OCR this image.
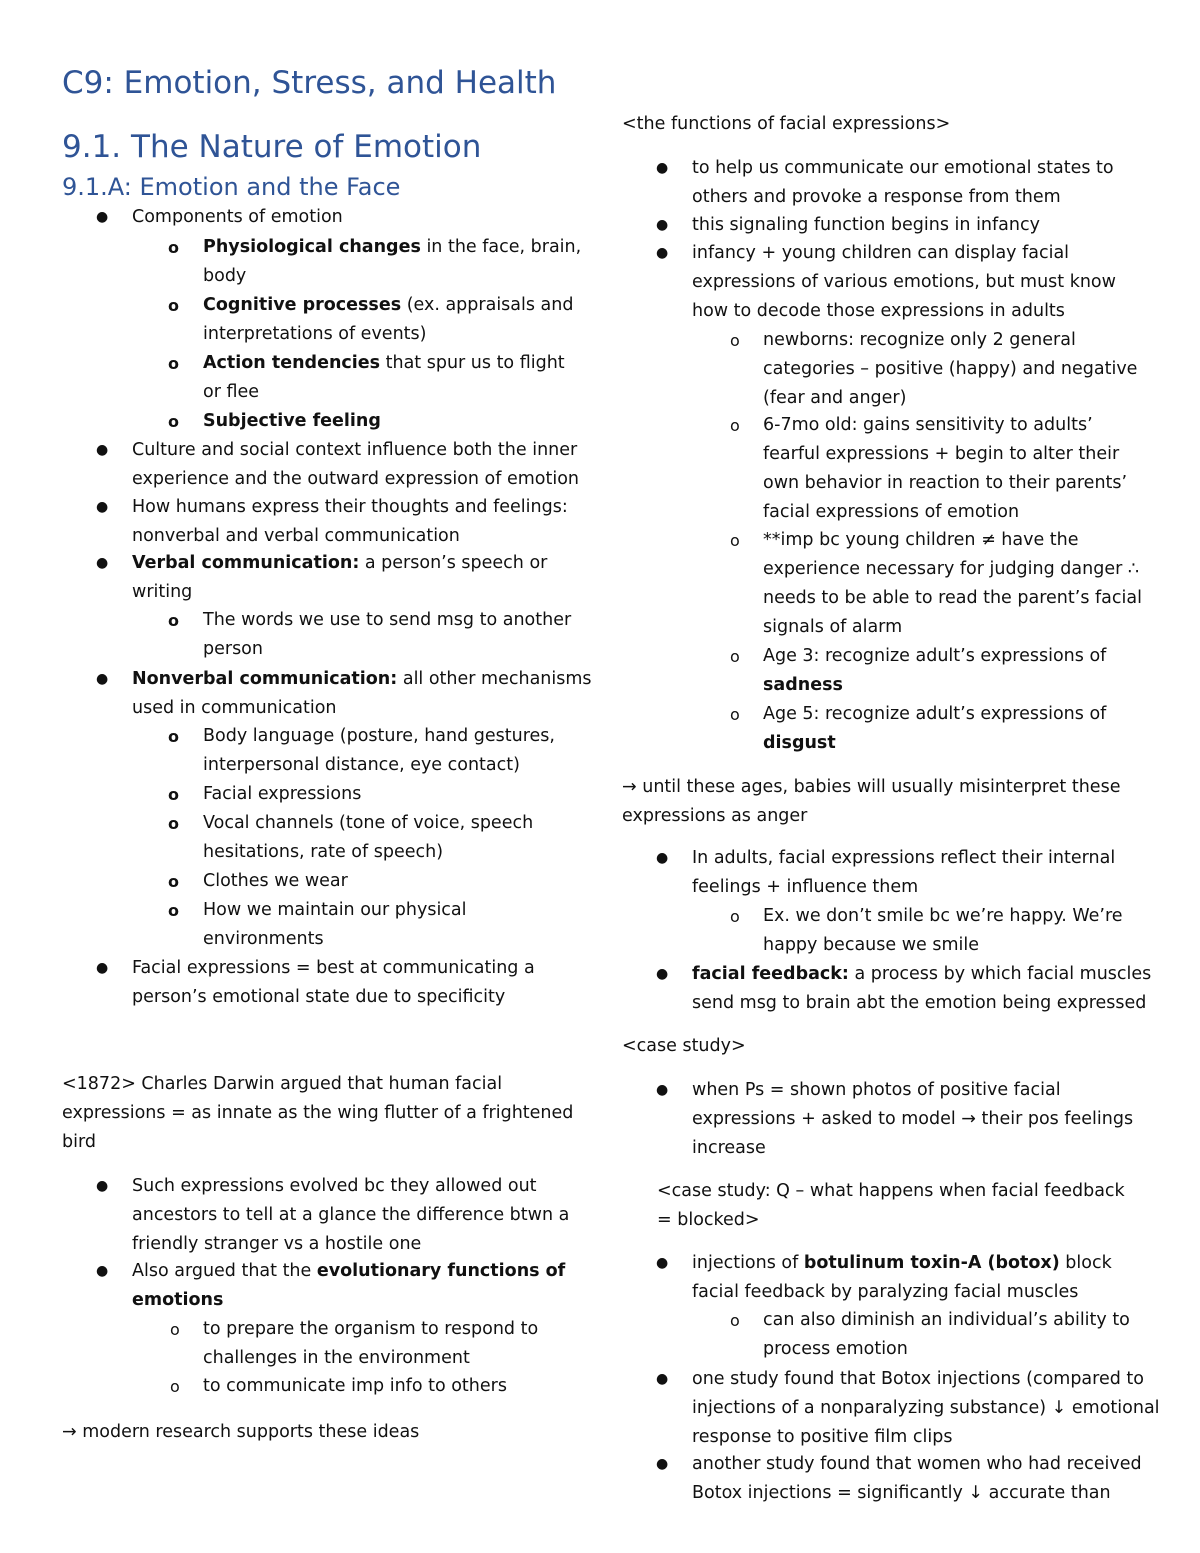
C9: Emotion, Stress, and Health
9.1. The Nature of Emotion
9.1.A: Emotion and the Face
● Components of emotion
o Physiological changes in the face, brain, body
o Cognitive processes (ex. appraisals and interpretations of events)
o Action tendencies that spur us to flight or flee
o Subjective feeling
● Culture and social context influence both the inner experience and the outward expression of emotion
● How humans express their thoughts and feelings: nonverbal and verbal communication
● Verbal communication: a person’s speech or writing
o The words we use to send msg to another person
● Nonverbal communication: all other mechanisms used in communication
o Body language (posture, hand gestures, interpersonal distance, eye contact)
o Facial expressions
o Vocal channels (tone of voice, speech hesitations, rate of speech)
o Clothes we wear
o How we maintain our physical environments
● Facial expressions = best at communicating a person’s emotional state due to specificity
<1872> Charles Darwin argued that human facial expressions = as innate as the wing flutter of a frightened bird
● Such expressions evolved bc they allowed out ancestors to tell at a glance the difference btwn a friendly stranger vs a hostile one
● Also argued that the evolutionary functions of emotions
o to prepare the organism to respond to challenges in the environment
o to communicate imp info to others
→ modern research supports these ideas
<the functions of facial expressions>
● to help us communicate our emotional states to others and provoke a response from them
● this signaling function begins in infancy
● infancy + young children can display facial expressions of various emotions, but must know how to decode those expressions in adults
o newborns: recognize only 2 general categories – positive (happy) and negative (fear and anger)
o 6-7mo old: gains sensitivity to adults’ fearful expressions + begin to alter their own behavior in reaction to their parents’ facial expressions of emotion
o **imp bc young children ≠ have the experience necessary for judging danger ∴ needs to be able to read the parent’s facial signals of alarm
o Age 3: recognize adult’s expressions of sadness
o Age 5: recognize adult’s expressions of disgust
→ until these ages, babies will usually misinterpret these expressions as anger
● In adults, facial expressions reflect their internal feelings + influence them
o Ex. we don’t smile bc we’re happy. We’re happy because we smile
● facial feedback: a process by which facial muscles send msg to brain abt the emotion being expressed
<case study>
● when Ps = shown photos of positive facial expressions + asked to model → their pos feelings increase
<case study: Q – what happens when facial feedback = blocked>
● injections of botulinum toxin-A (botox) block facial feedback by paralyzing facial muscles
o can also diminish an individual’s ability to process emotion
● one study found that Botox injections (compared to injections of a nonparalyzing substance) ↓ emotional response to positive film clips
● another study found that women who had received Botox injections = significantly ↓ accurate than
